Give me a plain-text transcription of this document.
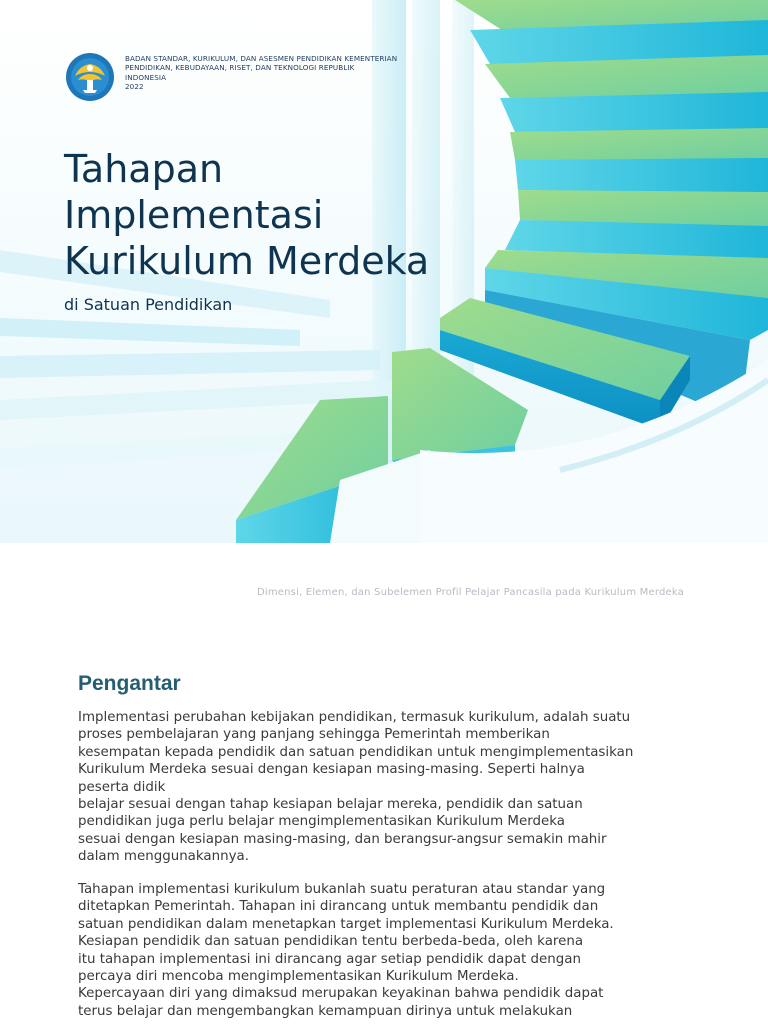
BADAN STANDAR, KURIKULUM, DAN ASESMEN PENDIDIKAN KEMENTERIAN
PENDIDIKAN, KEBUDAYAAN, RISET, DAN TEKNOLOGI REPUBLIK
INDONESIA
2022
Tahapan
Implementasi
Kurikulum Merdeka
di Satuan Pendidikan
Dimensi, Elemen, dan Subelemen Profil Pelajar Pancasila pada Kurikulum Merdeka
Pengantar
Implementasi perubahan kebijakan pendidikan, termasuk kurikulum, adalah suatu
proses pembelajaran yang panjang sehingga Pemerintah memberikan
kesempatan kepada pendidik dan satuan pendidikan untuk mengimplementasikan
Kurikulum Merdeka sesuai dengan kesiapan masing-masing. Seperti halnya
peserta didik
belajar sesuai dengan tahap kesiapan belajar mereka, pendidik dan satuan
pendidikan juga perlu belajar mengimplementasikan Kurikulum Merdeka
sesuai dengan kesiapan masing-masing, dan berangsur-angsur semakin mahir
dalam menggunakannya.
Tahapan implementasi kurikulum bukanlah suatu peraturan atau standar yang
ditetapkan Pemerintah. Tahapan ini dirancang untuk membantu pendidik dan
satuan pendidikan dalam menetapkan target implementasi Kurikulum Merdeka.
Kesiapan pendidik dan satuan pendidikan tentu berbeda-beda, oleh karena
itu tahapan implementasi ini dirancang agar setiap pendidik dapat dengan
percaya diri mencoba mengimplementasikan Kurikulum Merdeka.
Kepercayaan diri yang dimaksud merupakan keyakinan bahwa pendidik dapat
terus belajar dan mengembangkan kemampuan dirinya untuk melakukan
